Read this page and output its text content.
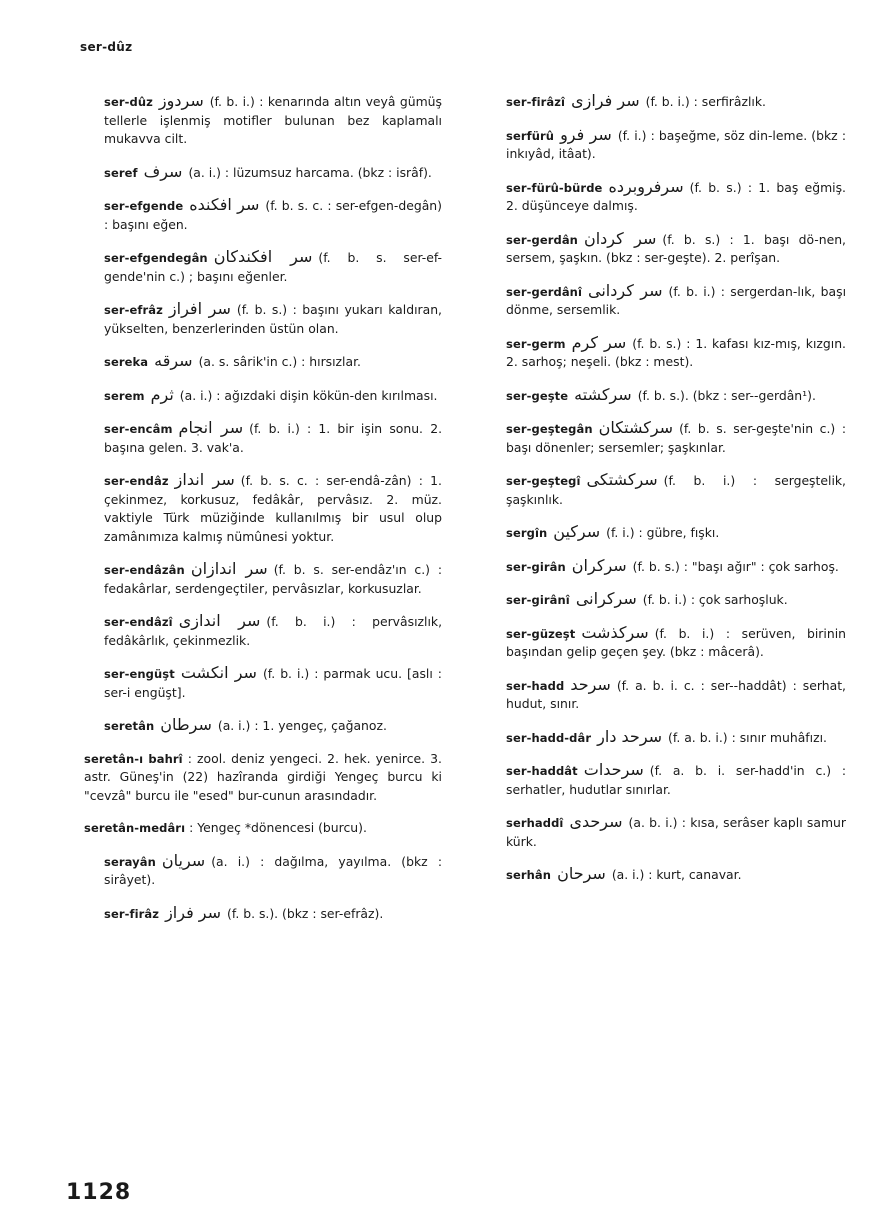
ser-dûz

ser-dûz سردوز (f. b. i.) : kenarında altın veyâ gümüş tellerle işlenmiş motifler bulunan bez kaplamalı mukavva cilt.

seref سرف (a. i.) : lüzumsuz harcama. (bkz : isrâf).

ser-efgende سر افكنده (f. b. s. c. : ser-efgen-degân) : başını eğen.

ser-efgendegân سر افكندكان (f. b. s. ser-ef-gende'nin c.) ; başını eğenler.

ser-efrâz سر افراز (f. b. s.) : başını yukarı kaldıran, yükselten, benzerlerinden üstün olan.

sereka سرقه (a. s. sârik'in c.) : hırsızlar.

serem ثرم (a. i.) : ağızdaki dişin kökün-den kırılması.

ser-encâm سر انجام (f. b. i.) : 1. bir işin sonu. 2. başına gelen. 3. vak'a.

ser-endâz سر انداز (f. b. s. c. : ser-endâ-zân) : 1. çekinmez, korkusuz, fedâkâr, pervâsız. 2. müz. vaktiyle Türk müziğinde kullanılmış bir usul olup zamânımıza kalmış nümûnesi yoktur.

ser-endâzân سر اندازان (f. b. s. ser-endâz'ın c.) : fedakârlar, serdengeçtiler, pervâsızlar, korkusuzlar.

ser-endâzî سر اندازى (f. b. i.) : pervâsızlık, fedâkârlık, çekinmezlik.

ser-engüşt سر انكشت (f. b. i.) : parmak ucu. [aslı : ser-i engüşt].

seretân سرطان (a. i.) : 1. yengeç, çağanoz.

seretân-ı bahrî : zool. deniz yengeci. 2. hek. yenirce. 3. astr. Güneş'in (22) hazîranda girdiği Yengeç burcu ki "cevzâ" burcu ile "esed" bur-cunun arasındadır.

seretân-medârı : Yengeç *dönencesi (burcu).

serayân سريان (a. i.) : dağılma, yayılma. (bkz : sirâyet).

ser-firâz سر فراز (f. b. s.). (bkz : ser-efrâz).

ser-firâzî سر فرازى (f. b. i.) : serfirâzlık.

serfürû سر فرو (f. i.) : başeğme, söz din-leme. (bkz : inkıyâd, itâat).

ser-fürû-bürde سرفروبرده (f. b. s.) : 1. baş eğmiş. 2. düşünceye dalmış.

ser-gerdân سر كردان (f. b. s.) : 1. başı dö-nen, sersem, şaşkın. (bkz : ser-geşte). 2. perîşan.

ser-gerdânî سر كردانى (f. b. i.) : sergerdan-lık, başı dönme, sersemlik.

ser-germ سر كرم (f. b. s.) : 1. kafası kız-mış, kızgın. 2. sarhoş; neşeli. (bkz : mest).

ser-geşte سركشته (f. b. s.). (bkz : ser--gerdân¹).

ser-geştegân سركشتكان (f. b. s. ser-geşte'nin c.) : başı dönenler; sersemler; şaşkınlar.

ser-geştegî سركشتكى (f. b. i.) : sergeştelik, şaşkınlık.

sergîn سركين (f. i.) : gübre, fışkı.

ser-girân سركران (f. b. s.) : "başı ağır" : çok sarhoş.

ser-girânî سركرانى (f. b. i.) : çok sarhoşluk.

ser-güzeşt سركذشت (f. b. i.) : serüven, birinin başından gelip geçen şey. (bkz : mâcerâ).

ser-hadd سرحد (f. a. b. i. c. : ser--haddât) : serhat, hudut, sınır.

ser-hadd-dâr سرحد دار (f. a. b. i.) : sınır muhâfızı.

ser-haddât سرحدات (f. a. b. i. ser-hadd'in c.) : serhatler, hudutlar sınırlar.

serhaddî سرحدى (a. b. i.) : kısa, serâser kaplı samur kürk.

serhân سرحان (a. i.) : kurt, canavar.

1128
